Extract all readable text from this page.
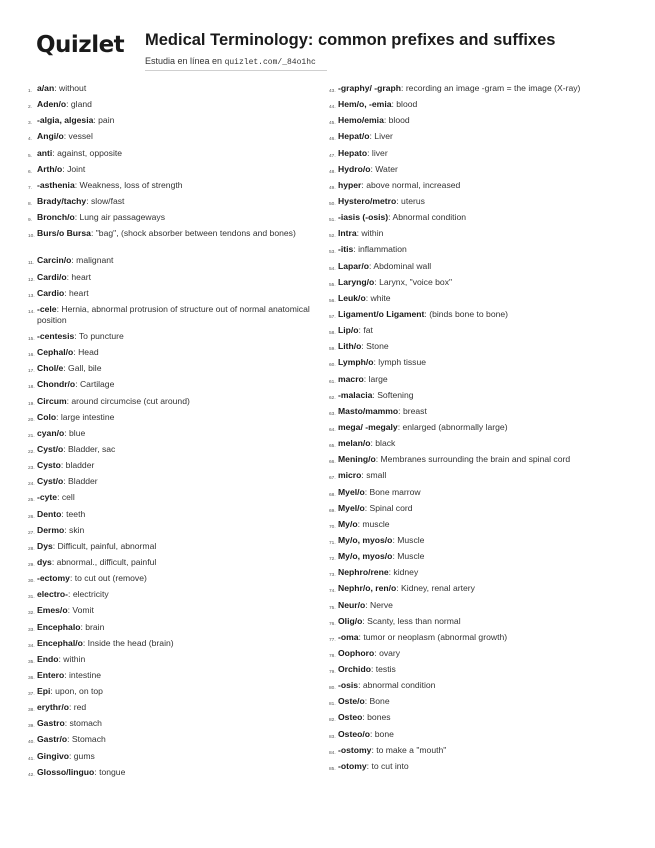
Quizlet Medical Terminology: common prefixes and suffixes
Estudia en línea en quizlet.com/_84o1hc
1. a/an: without
2. Aden/o: gland
3. -algia, algesia: pain
4. Angi/o: vessel
5. anti: against, opposite
6. Arth/o: Joint
7. -asthenia: Weakness, loss of strength
8. Brady/tachy: slow/fast
9. Bronch/o: Lung air passageways
10. Burs/o Bursa: "bag", (shock absorber between tendons and bones)
11. Carcin/o: malignant
12. Cardi/o: heart
13. Cardio: heart
14. -cele: Hernia, abnormal protrusion of structure out of normal anatomical position
15. -centesis: To puncture
16. Cephal/o: Head
17. Chol/e: Gall, bile
18. Chondr/o: Cartilage
19. Circum: around circumcise (cut around)
20. Colo: large intestine
21. cyan/o: blue
22. Cyst/o: Bladder, sac
23. Cysto: bladder
24. Cyst/o: Bladder
25. -cyte: cell
26. Dento: teeth
27. Dermo: skin
28. Dys: Difficult, painful, abnormal
29. dys: abnormal., difficult, painful
30. -ectomy: to cut out (remove)
31. electro-: electricity
32. Emes/o: Vomit
33. Encephalo: brain
34. Encephal/o: Inside the head (brain)
35. Endo: within
36. Entero: intestine
37. Epi: upon, on top
38. erythr/o: red
39. Gastro: stomach
40. Gastr/o: Stomach
41. Gingivo: gums
42. Glosso/linguo: tongue
43. -graphy/ -graph: recording an image -gram = the image (X-ray)
44. Hem/o, -emia: blood
45. Hemo/emia: blood
46. Hepat/o: Liver
47. Hepato: liver
48. Hydro/o: Water
49. hyper: above normal, increased
50. Hystero/metro: uterus
51. -iasis (-osis): Abnormal condition
52. Intra: within
53. -itis: inflammation
54. Lapar/o: Abdominal wall
55. Laryng/o: Larynx, "voice box"
56. Leuk/o: white
57. Ligament/o Ligament: (binds bone to bone)
58. Lip/o: fat
59. Lith/o: Stone
60. Lymph/o: lymph tissue
61. macro: large
62. -malacia: Softening
63. Masto/mammo: breast
64. mega/ -megaly: enlarged (abnormally large)
65. melan/o: black
66. Mening/o: Membranes surrounding the brain and spinal cord
67. micro: small
68. Myel/o: Bone marrow
69. Myel/o: Spinal cord
70. My/o: muscle
71. My/o, myos/o: Muscle
72. My/o, myos/o: Muscle
73. Nephro/rene: kidney
74. Nephr/o, ren/o: Kidney, renal artery
75. Neur/o: Nerve
76. Olig/o: Scanty, less than normal
77. -oma: tumor or neoplasm (abnormal growth)
78. Oophoro: ovary
79. Orchido: testis
80. -osis: abnormal condition
81. Oste/o: Bone
82. Osteo: bones
83. Osteo/o: bone
84. -ostomy: to make a "mouth"
85. -otomy: to cut into
